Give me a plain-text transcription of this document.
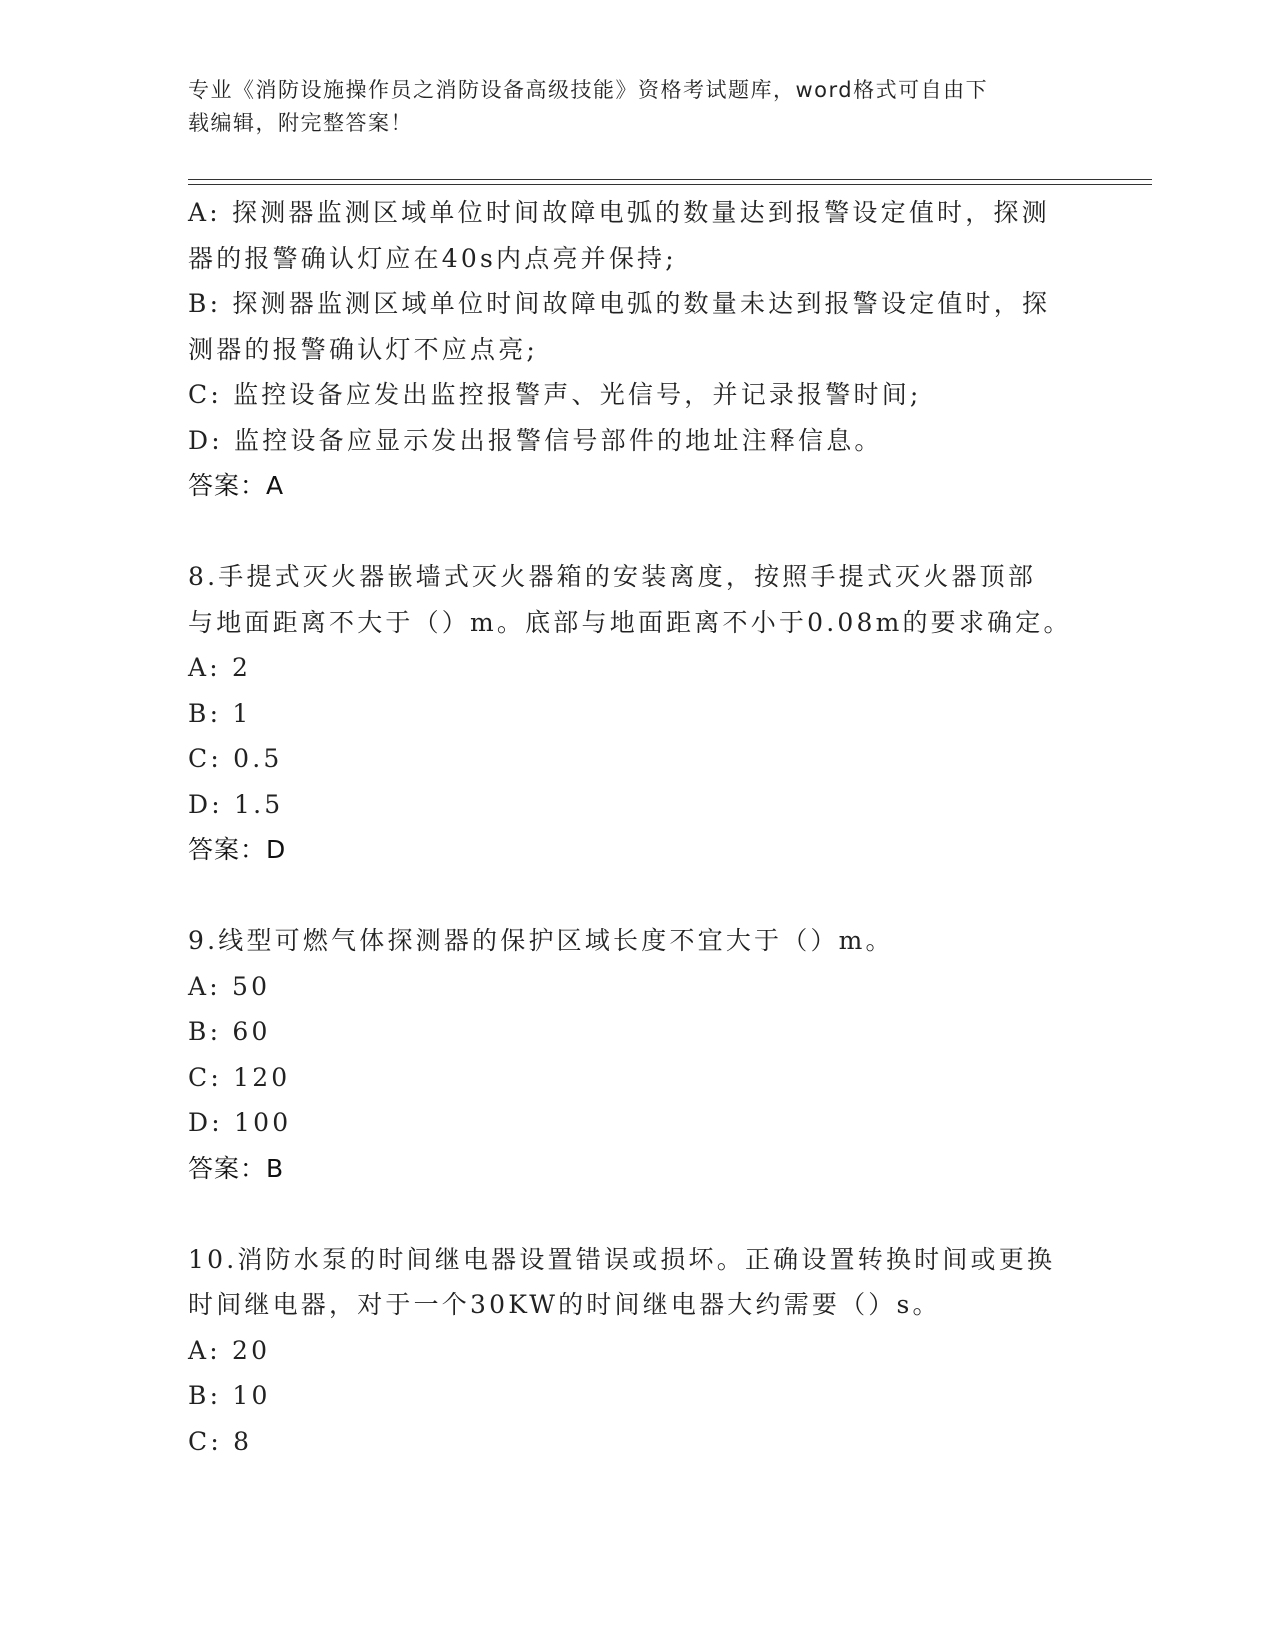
专业《消防设施操作员之消防设备高级技能》资格考试题库，word格式可自由下
载编辑，附完整答案！
A: 探测器监测区域单位时间故障电弧的数量达到报警设定值时，探测
器的报警确认灯应在40s内点亮并保持;
B: 探测器监测区域单位时间故障电弧的数量未达到报警设定值时，探
测器的报警确认灯不应点亮;
C: 监控设备应发出监控报警声、光信号，并记录报警时间;
D: 监控设备应显示发出报警信号部件的地址注释信息。
答案：A
8.手提式灭火器嵌墙式灭火器箱的安装离度，按照手提式灭火器顶部
与地面距离不大于（）m。底部与地面距离不小于0.08m的要求确定。
A: 2
B: 1
C: 0.5
D: 1.5
答案：D
9.线型可燃气体探测器的保护区域长度不宜大于（）m。
A: 50
B: 60
C: 120
D: 100
答案：B
10.消防水泵的时间继电器设置错误或损坏。正确设置转换时间或更换
时间继电器，对于一个30KW的时间继电器大约需要（）s。
A: 20
B: 10
C: 8
